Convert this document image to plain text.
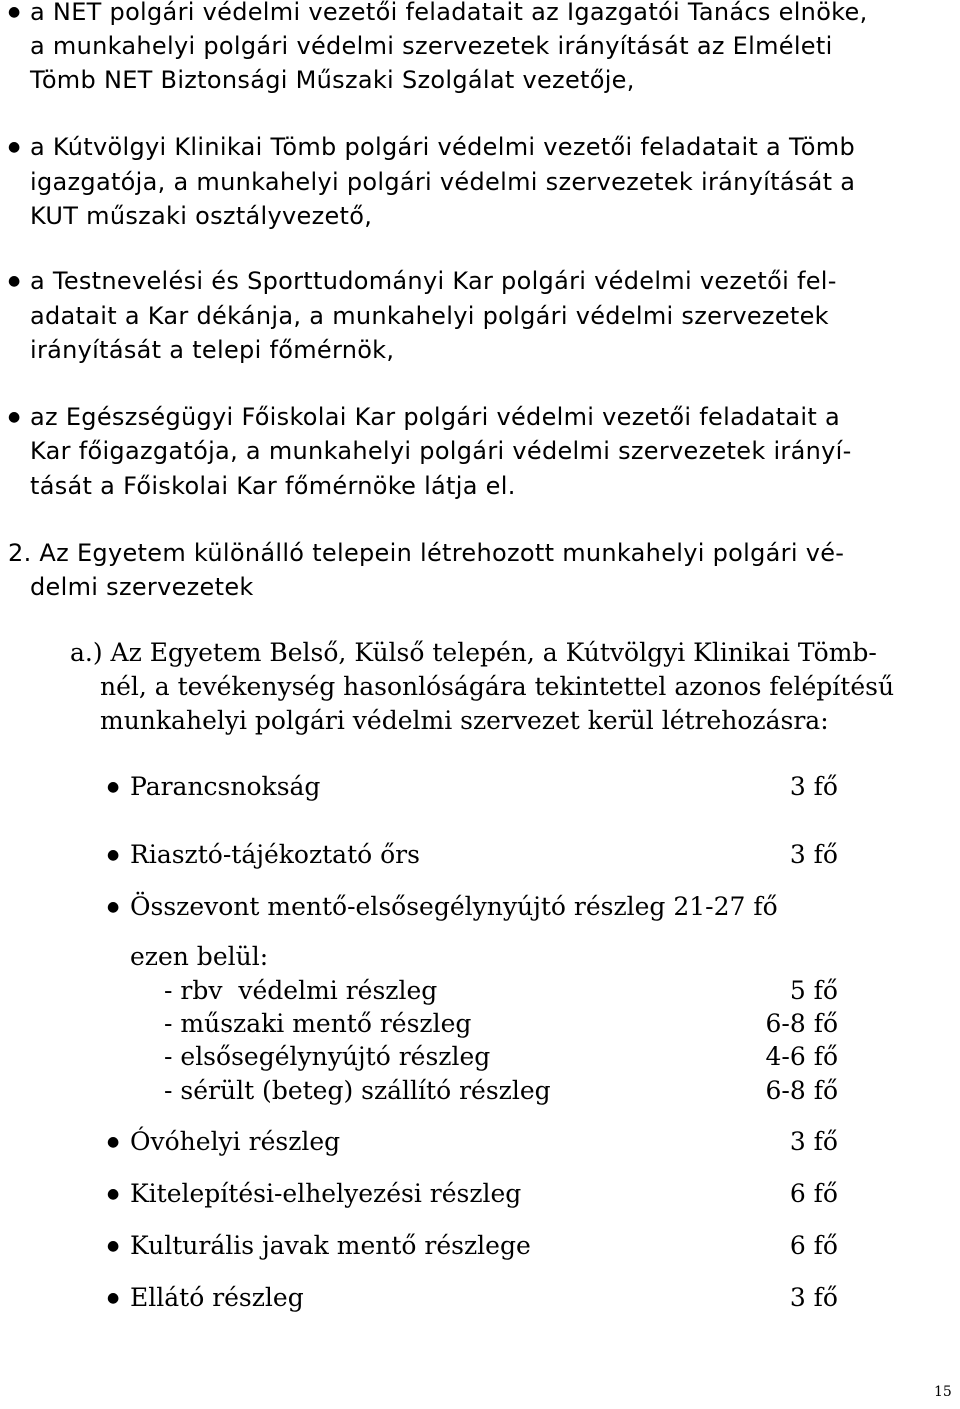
● a NET polgári védelmi vezetői feladatait az Igazgatói Tanács elnöke,
a munkahelyi polgári védelmi szervezetek irányítását az Elméleti
Tömb NET Biztonsági Műszaki Szolgálat vezetője,
● a Kútvölgyi Klinikai Tömb polgári védelmi vezetői feladatait a Tömb
igazgatója, a munkahelyi polgári védelmi szervezetek irányítását a
KUT műszaki osztályvezető,
● a Testnevelési és Sporttudományi Kar polgári védelmi vezetői fel-
adatait a Kar dékánja, a munkahelyi polgári védelmi szervezetek
irányítását a telepi főmérnök,
● az Egészségügyi Főiskolai Kar polgári védelmi vezetői feladatait a
Kar főigazgatója, a munkahelyi polgári védelmi szervezetek irányí-
tását a Főiskolai Kar főmérnöke látja el.
2. Az Egyetem különálló telepein létrehozott munkahelyi polgári vé-
delmi szervezetek
a.) Az Egyetem Belső, Külső telepén, a Kútvölgyi Klinikai Tömb-
nél, a tevékenység hasonlóságára tekintettel azonos felépítésű
munkahelyi polgári védelmi szervezet kerül létrehozásra:
● Parancsnokság	3 fő
● Riasztó-tájékoztató őrs	3 fő
● Összevont mentő-elsősegélynyújtó részleg 21-27 fő
ezen belül:
- rbv  védelmi részleg	5 fő
- műszaki mentő részleg	6-8 fő
- elsősegélynyújtó részleg	4-6 fő
- sérült (beteg) szállító részleg	6-8 fő
● Óvóhelyi részleg	3 fő
● Kitelepítési-elhelyezési részleg	6 fő
● Kulturális javak mentő részlege	6 fő
● Ellátó részleg	3 fő
15
